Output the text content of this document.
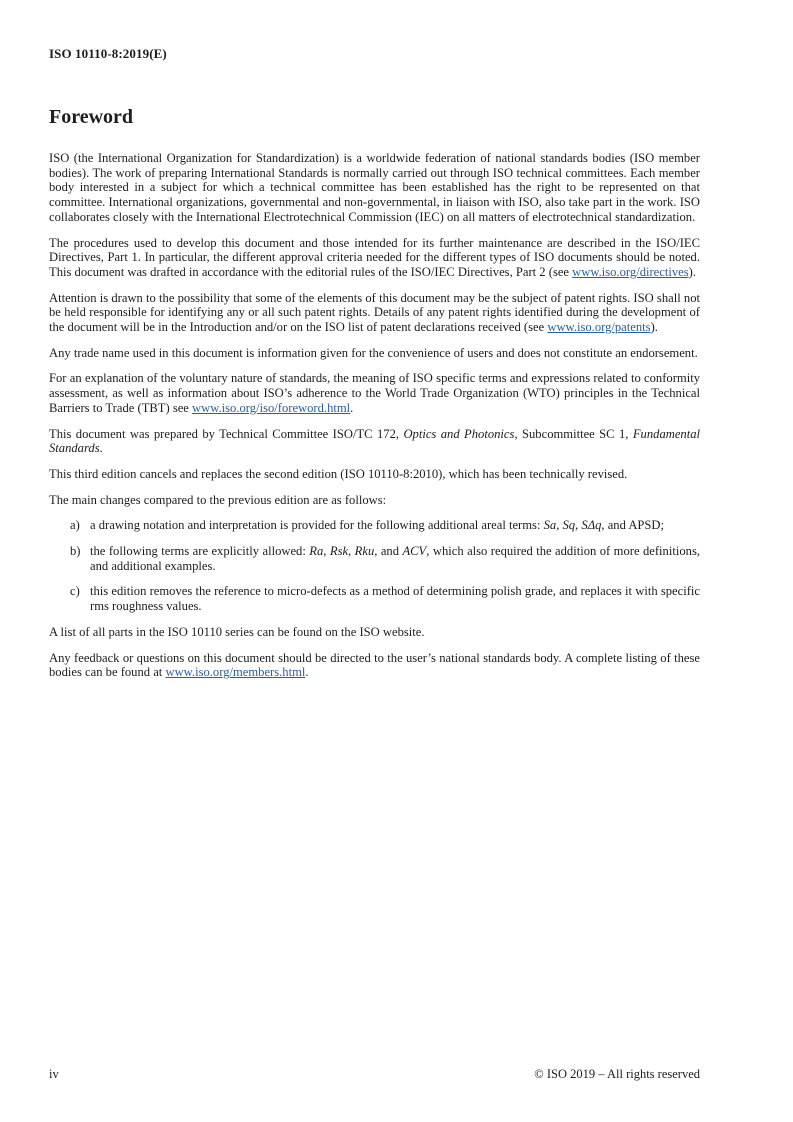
ISO 10110-8:2019(E)
Foreword

ISO (the International Organization for Standardization) is a worldwide federation of national standards bodies (ISO member bodies). The work of preparing International Standards is normally carried out through ISO technical committees. Each member body interested in a subject for which a technical committee has been established has the right to be represented on that committee. International organizations, governmental and non-governmental, in liaison with ISO, also take part in the work. ISO collaborates closely with the International Electrotechnical Commission (IEC) on all matters of electrotechnical standardization.

The procedures used to develop this document and those intended for its further maintenance are described in the ISO/IEC Directives, Part 1. In particular, the different approval criteria needed for the different types of ISO documents should be noted. This document was drafted in accordance with the editorial rules of the ISO/IEC Directives, Part 2 (see www.iso.org/directives).

Attention is drawn to the possibility that some of the elements of this document may be the subject of patent rights. ISO shall not be held responsible for identifying any or all such patent rights. Details of any patent rights identified during the development of the document will be in the Introduction and/or on the ISO list of patent declarations received (see www.iso.org/patents).

Any trade name used in this document is information given for the convenience of users and does not constitute an endorsement.

For an explanation of the voluntary nature of standards, the meaning of ISO specific terms and expressions related to conformity assessment, as well as information about ISO’s adherence to the World Trade Organization (WTO) principles in the Technical Barriers to Trade (TBT) see www.iso.org/iso/foreword.html.

This document was prepared by Technical Committee ISO/TC 172, Optics and Photonics, Subcommittee SC 1, Fundamental Standards.

This third edition cancels and replaces the second edition (ISO 10110-8:2010), which has been technically revised.

The main changes compared to the previous edition are as follows:

a) a drawing notation and interpretation is provided for the following additional areal terms: Sa, Sq, SΔq, and APSD;
b) the following terms are explicitly allowed: Ra, Rsk, Rku, and ACV, which also required the addition of more definitions, and additional examples.
c) this edition removes the reference to micro-defects as a method of determining polish grade, and replaces it with specific rms roughness values.

A list of all parts in the ISO 10110 series can be found on the ISO website.

Any feedback or questions on this document should be directed to the user’s national standards body. A complete listing of these bodies can be found at www.iso.org/members.html.

iv	© ISO 2019 – All rights reserved
